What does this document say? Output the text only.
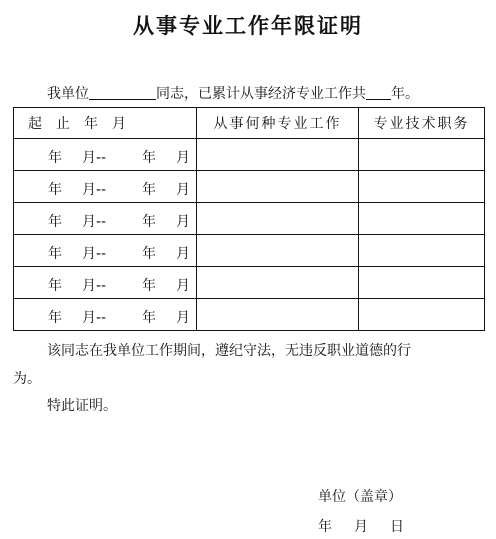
从事专业工作年限证明
我单位	同志，已累计从事经济专业工作共 年。
起止年月	从事何种专业工作	专业技术职务

年 月-- 年 月		

年 月-- 年 月		

年 月-- 年 月		

年 月-- 年 月		

年 月-- 年 月		

年 月-- 年 月		

该同志在我单位工作期间，遵纪守法，无违反职业道德的行
为。
特此证明。
单位（盖章）
年 月 日
